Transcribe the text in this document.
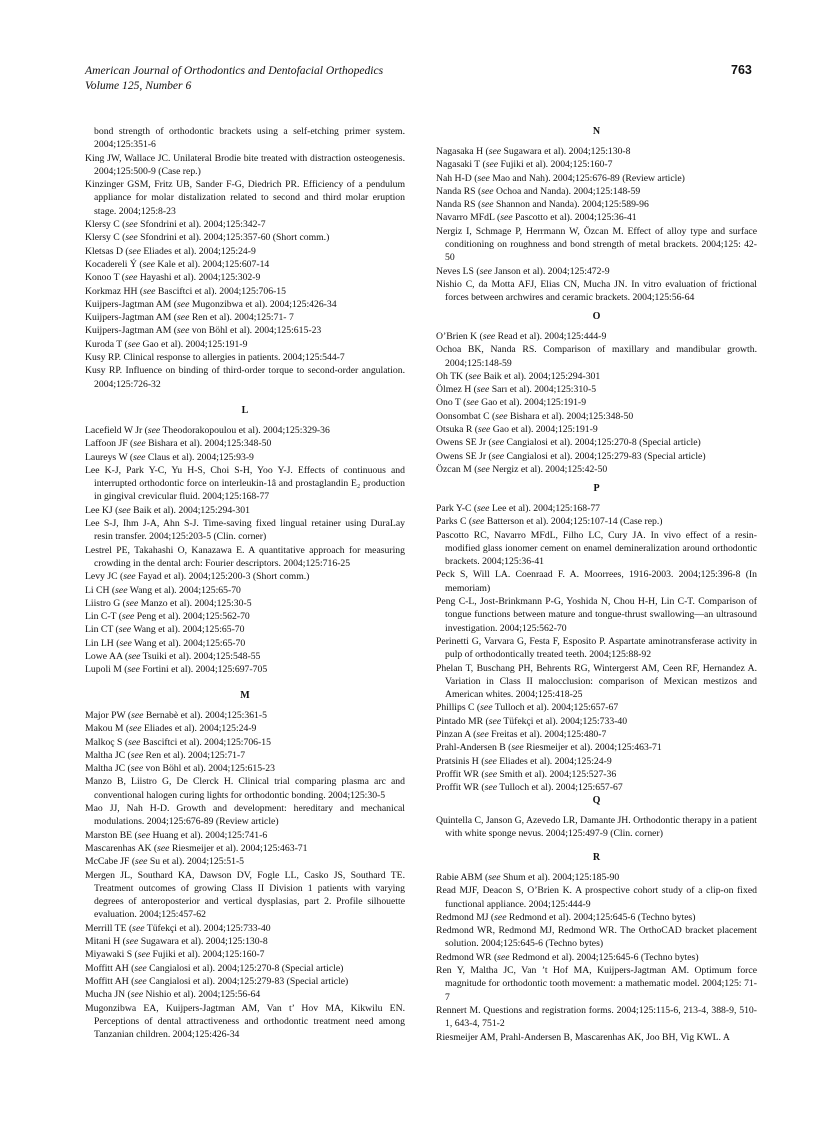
American Journal of Orthodontics and Dentofacial Orthopedics
Volume 125, Number 6
763
bond strength of orthodontic brackets using a self-etching primer system. 2004;125:351-6
King JW, Wallace JC. Unilateral Brodie bite treated with distraction osteogenesis. 2004;125:500-9 (Case rep.)
Kinzinger GSM, Fritz UB, Sander F-G, Diedrich PR. Efficiency of a pendulum appliance for molar distalization related to second and third molar eruption stage. 2004;125:8-23
Klersy C (see Sfondrini et al). 2004;125:342-7
Klersy C (see Sfondrini et al). 2004;125:357-60 (Short comm.)
Kletsas D (see Eliades et al). 2004;125:24-9
Kocadereli Ý (see Kale et al). 2004;125:607-14
Konoo T (see Hayashi et al). 2004;125:302-9
Korkmaz HH (see Basciftci et al). 2004;125:706-15
Kuijpers-Jagtman AM (see Mugonzibwa et al). 2004;125:426-34
Kuijpers-Jagtman AM (see Ren et al). 2004;125:71- 7
Kuijpers-Jagtman AM (see von Böhl et al). 2004;125:615-23
Kuroda T (see Gao et al). 2004;125:191-9
Kusy RP. Clinical response to allergies in patients. 2004;125:544-7
Kusy RP. Influence on binding of third-order torque to second-order angulation. 2004;125:726-32
L
Lacefield W Jr (see Theodorakopoulou et al). 2004;125:329-36
Laffoon JF (see Bishara et al). 2004;125:348-50
Laureys W (see Claus et al). 2004;125:93-9
Lee K-J, Park Y-C, Yu H-S, Choi S-H, Yoo Y-J. Effects of continuous and interrupted orthodontic force on interleukin-1â and prostaglandin E₂ production in gingival crevicular fluid. 2004;125:168-77
Lee KJ (see Baik et al). 2004;125:294-301
Lee S-J, Ihm J-A, Ahn S-J. Time-saving fixed lingual retainer using DuraLay resin transfer. 2004;125:203-5 (Clin. corner)
Lestrel PE, Takahashi O, Kanazawa E. A quantitative approach for measuring crowding in the dental arch: Fourier descriptors. 2004;125:716-25
Levy JC (see Fayad et al). 2004;125:200-3 (Short comm.)
Li CH (see Wang et al). 2004;125:65-70
Liistro G (see Manzo et al). 2004;125:30-5
Lin C-T (see Peng et al). 2004;125:562-70
Lin CT (see Wang et al). 2004;125:65-70
Lin LH (see Wang et al). 2004;125:65-70
Lowe AA (see Tsuiki et al). 2004;125:548-55
Lupoli M (see Fortini et al). 2004;125:697-705
M
Major PW (see Bernabè et al). 2004;125:361-5
Makou M (see Eliades et al). 2004;125:24-9
Malkoç S (see Basciftci et al). 2004;125:706-15
Maltha JC (see Ren et al). 2004;125:71-7
Maltha JC (see von Böhl et al). 2004;125:615-23
Manzo B, Liistro G, De Clerck H. Clinical trial comparing plasma arc and conventional halogen curing lights for orthodontic bonding. 2004;125:30-5
Mao JJ, Nah H-D. Growth and development: hereditary and mechanical modulations. 2004;125:676-89 (Review article)
Marston BE (see Huang et al). 2004;125:741-6
Mascarenhas AK (see Riesmeijer et al). 2004;125:463-71
McCabe JF (see Su et al). 2004;125:51-5
Mergen JL, Southard KA, Dawson DV, Fogle LL, Casko JS, Southard TE. Treatment outcomes of growing Class II Division 1 patients with varying degrees of anteroposterior and vertical dysplasias, part 2. Profile silhouette evaluation. 2004;125:457-62
Merrill TE (see Tüfekçi et al). 2004;125:733-40
Mitani H (see Sugawara et al). 2004;125:130-8
Miyawaki S (see Fujiki et al). 2004;125:160-7
Moffitt AH (see Cangialosi et al). 2004;125:270-8 (Special article)
Moffitt AH (see Cangialosi et al). 2004;125:279-83 (Special article)
Mucha JN (see Nishio et al). 2004;125:56-64
Mugonzibwa EA, Kuijpers-Jagtman AM, Van t’ Hov MA, Kikwilu EN. Perceptions of dental attractiveness and orthodontic treatment need among Tanzanian children. 2004;125:426-34
N
Nagasaka H (see Sugawara et al). 2004;125:130-8
Nagasaki T (see Fujiki et al). 2004;125:160-7
Nah H-D (see Mao and Nah). 2004;125:676-89 (Review article)
Nanda RS (see Ochoa and Nanda). 2004;125:148-59
Nanda RS (see Shannon and Nanda). 2004;125:589-96
Navarro MFdL (see Pascotto et al). 2004;125:36-41
Nergiz I, Schmage P, Herrmann W, Özcan M. Effect of alloy type and surface conditioning on roughness and bond strength of metal brackets. 2004;125: 42-50
Neves LS (see Janson et al). 2004;125:472-9
Nishio C, da Motta AFJ, Elias CN, Mucha JN. In vitro evaluation of frictional forces between archwires and ceramic brackets. 2004;125:56-64
O
O’Brien K (see Read et al). 2004;125:444-9
Ochoa BK, Nanda RS. Comparison of maxillary and mandibular growth. 2004;125:148-59
Oh TK (see Baik et al). 2004;125:294-301
Ölmez H (see Sarı et al). 2004;125:310-5
Ono T (see Gao et al). 2004;125:191-9
Oonsombat C (see Bishara et al). 2004;125:348-50
Otsuka R (see Gao et al). 2004;125:191-9
Owens SE Jr (see Cangialosi et al). 2004;125:270-8 (Special article)
Owens SE Jr (see Cangialosi et al). 2004;125:279-83 (Special article)
Özcan M (see Nergiz et al). 2004;125:42-50
P
Park Y-C (see Lee et al). 2004;125:168-77
Parks C (see Batterson et al). 2004;125:107-14 (Case rep.)
Pascotto RC, Navarro MFdL, Filho LC, Cury JA. In vivo effect of a resin-modified glass ionomer cement on enamel demineralization around orthodontic brackets. 2004;125:36-41
Peck S, Will LA. Coenraad F. A. Moorrees, 1916-2003. 2004;125:396-8 (In memoriam)
Peng C-L, Jost-Brinkmann P-G, Yoshida N, Chou H-H, Lin C-T. Comparison of tongue functions between mature and tongue-thrust swallowing—an ultrasound investigation. 2004;125:562-70
Perinetti G, Varvara G, Festa F, Esposito P. Aspartate aminotransferase activity in pulp of orthodontically treated teeth. 2004;125:88-92
Phelan T, Buschang PH, Behrents RG, Wintergerst AM, Ceen RF, Hernandez A. Variation in Class II malocclusion: comparison of Mexican mestizos and American whites. 2004;125:418-25
Phillips C (see Tulloch et al). 2004;125:657-67
Pintado MR (see Tüfekçi et al). 2004;125:733-40
Pinzan A (see Freitas et al). 2004;125:480-7
Prahl-Andersen B (see Riesmeijer et al). 2004;125:463-71
Pratsinis H (see Eliades et al). 2004;125:24-9
Proffit WR (see Smith et al). 2004;125:527-36
Proffit WR (see Tulloch et al). 2004;125:657-67
Q
Quintella C, Janson G, Azevedo LR, Damante JH. Orthodontic therapy in a patient with white sponge nevus. 2004;125:497-9 (Clin. corner)
R
Rabie ABM (see Shum et al). 2004;125:185-90
Read MJF, Deacon S, O’Brien K. A prospective cohort study of a clip-on fixed functional appliance. 2004;125:444-9
Redmond MJ (see Redmond et al). 2004;125:645-6 (Techno bytes)
Redmond WR, Redmond MJ, Redmond WR. The OrthoCAD bracket placement solution. 2004;125:645-6 (Techno bytes)
Redmond WR (see Redmond et al). 2004;125:645-6 (Techno bytes)
Ren Y, Maltha JC, Van ’t Hof MA, Kuijpers-Jagtman AM. Optimum force magnitude for orthodontic tooth movement: a mathematic model. 2004;125: 71-7
Rennert M. Questions and registration forms. 2004;125:115-6, 213-4, 388-9, 510-1, 643-4, 751-2
Riesmeijer AM, Prahl-Andersen B, Mascarenhas AK, Joo BH, Vig KWL. A
